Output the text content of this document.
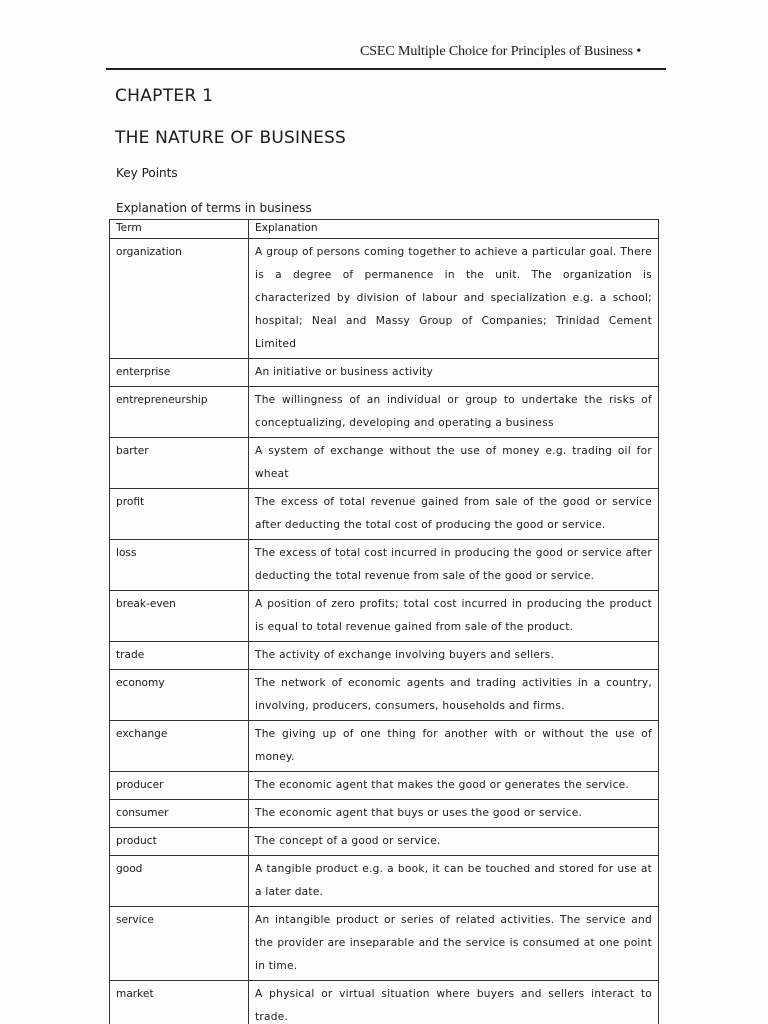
CSEC Multiple Choice for Principles of Business •
CHAPTER 1
THE NATURE OF BUSINESS
Key Points
Explanation of terms in business
Term	Explanation
organization	A group of persons coming together to achieve a particular goal. There is a degree of permanence in the unit. The organization is characterized by division of labour and specialization e.g. a school; hospital; Neal and Massy Group of Companies; Trinidad Cement Limited
enterprise	An initiative or business activity
entrepreneurship	The willingness of an individual or group to undertake the risks of conceptualizing, developing and operating a business
barter	A system of exchange without the use of money e.g. trading oil for wheat
profit	The excess of total revenue gained from sale of the good or service after deducting the total cost of producing the good or service.
loss	The excess of total cost incurred in producing the good or service after deducting the total revenue from sale of the good or service.
break-even	A position of zero profits; total cost incurred in producing the product is equal to total revenue gained from sale of the product.
trade	The activity of exchange involving buyers and sellers.
economy	The network of economic agents and trading activities in a country, involving, producers, consumers, households and firms.
exchange	The giving up of one thing for another with or without the use of money.
producer	The economic agent that makes the good or generates the service.
consumer	The economic agent that buys or uses the good or service.
product	The concept of a good or service.
good	A tangible product e.g. a book, it can be touched and stored for use at a later date.
service	An intangible product or series of related activities. The service and the provider are inseparable and the service is consumed at one point in time.
market	A physical or virtual situation where buyers and sellers interact to trade.
